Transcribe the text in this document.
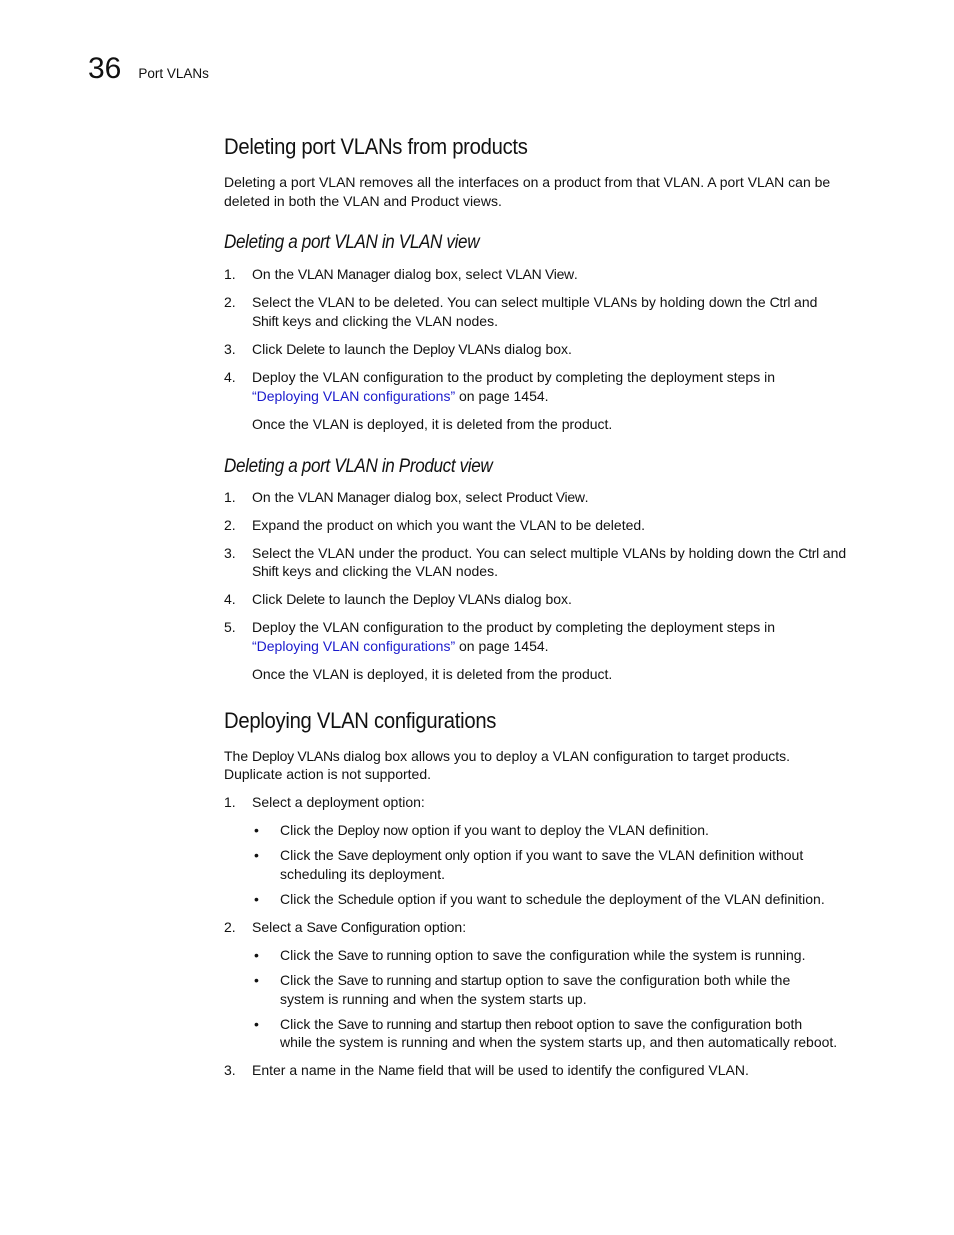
36 Port VLANs
Deleting port VLANs from products

Deleting a port VLAN removes all the interfaces on a product from that VLAN. A port VLAN can be
deleted in both the VLAN and Product views.

Deleting a port VLAN in VLAN view
1. On the VLAN Manager dialog box, select VLAN View.
2. Select the VLAN to be deleted. You can select multiple VLANs by holding down the Ctrl and
Shift keys and clicking the VLAN nodes.
3. Click Delete to launch the Deploy VLANs dialog box.
4. Deploy the VLAN configuration to the product by completing the deployment steps in
“Deploying VLAN configurations” on page 1454.

Once the VLAN is deployed, it is deleted from the product.

Deleting a port VLAN in Product view
1. On the VLAN Manager dialog box, select Product View.
2. Expand the product on which you want the VLAN to be deleted.
3. Select the VLAN under the product. You can select multiple VLANs by holding down the Ctrl and
Shift keys and clicking the VLAN nodes.
4. Click Delete to launch the Deploy VLANs dialog box.
5. Deploy the VLAN configuration to the product by completing the deployment steps in
“Deploying VLAN configurations” on page 1454.

Once the VLAN is deployed, it is deleted from the product.

Deploying VLAN configurations

The Deploy VLANs dialog box allows you to deploy a VLAN configuration to target products.
Duplicate action is not supported.

1. Select a deployment option:
• Click the Deploy now option if you want to deploy the VLAN definition.
• Click the Save deployment only option if you want to save the VLAN definition without
scheduling its deployment.
• Click the Schedule option if you want to schedule the deployment of the VLAN definition.
2. Select a Save Configuration option:
• Click the Save to running option to save the configuration while the system is running.
• Click the Save to running and startup option to save the configuration both while the
system is running and when the system starts up.
• Click the Save to running and startup then reboot option to save the configuration both
while the system is running and when the system starts up, and then automatically reboot.
3. Enter a name in the Name field that will be used to identify the configured VLAN.
